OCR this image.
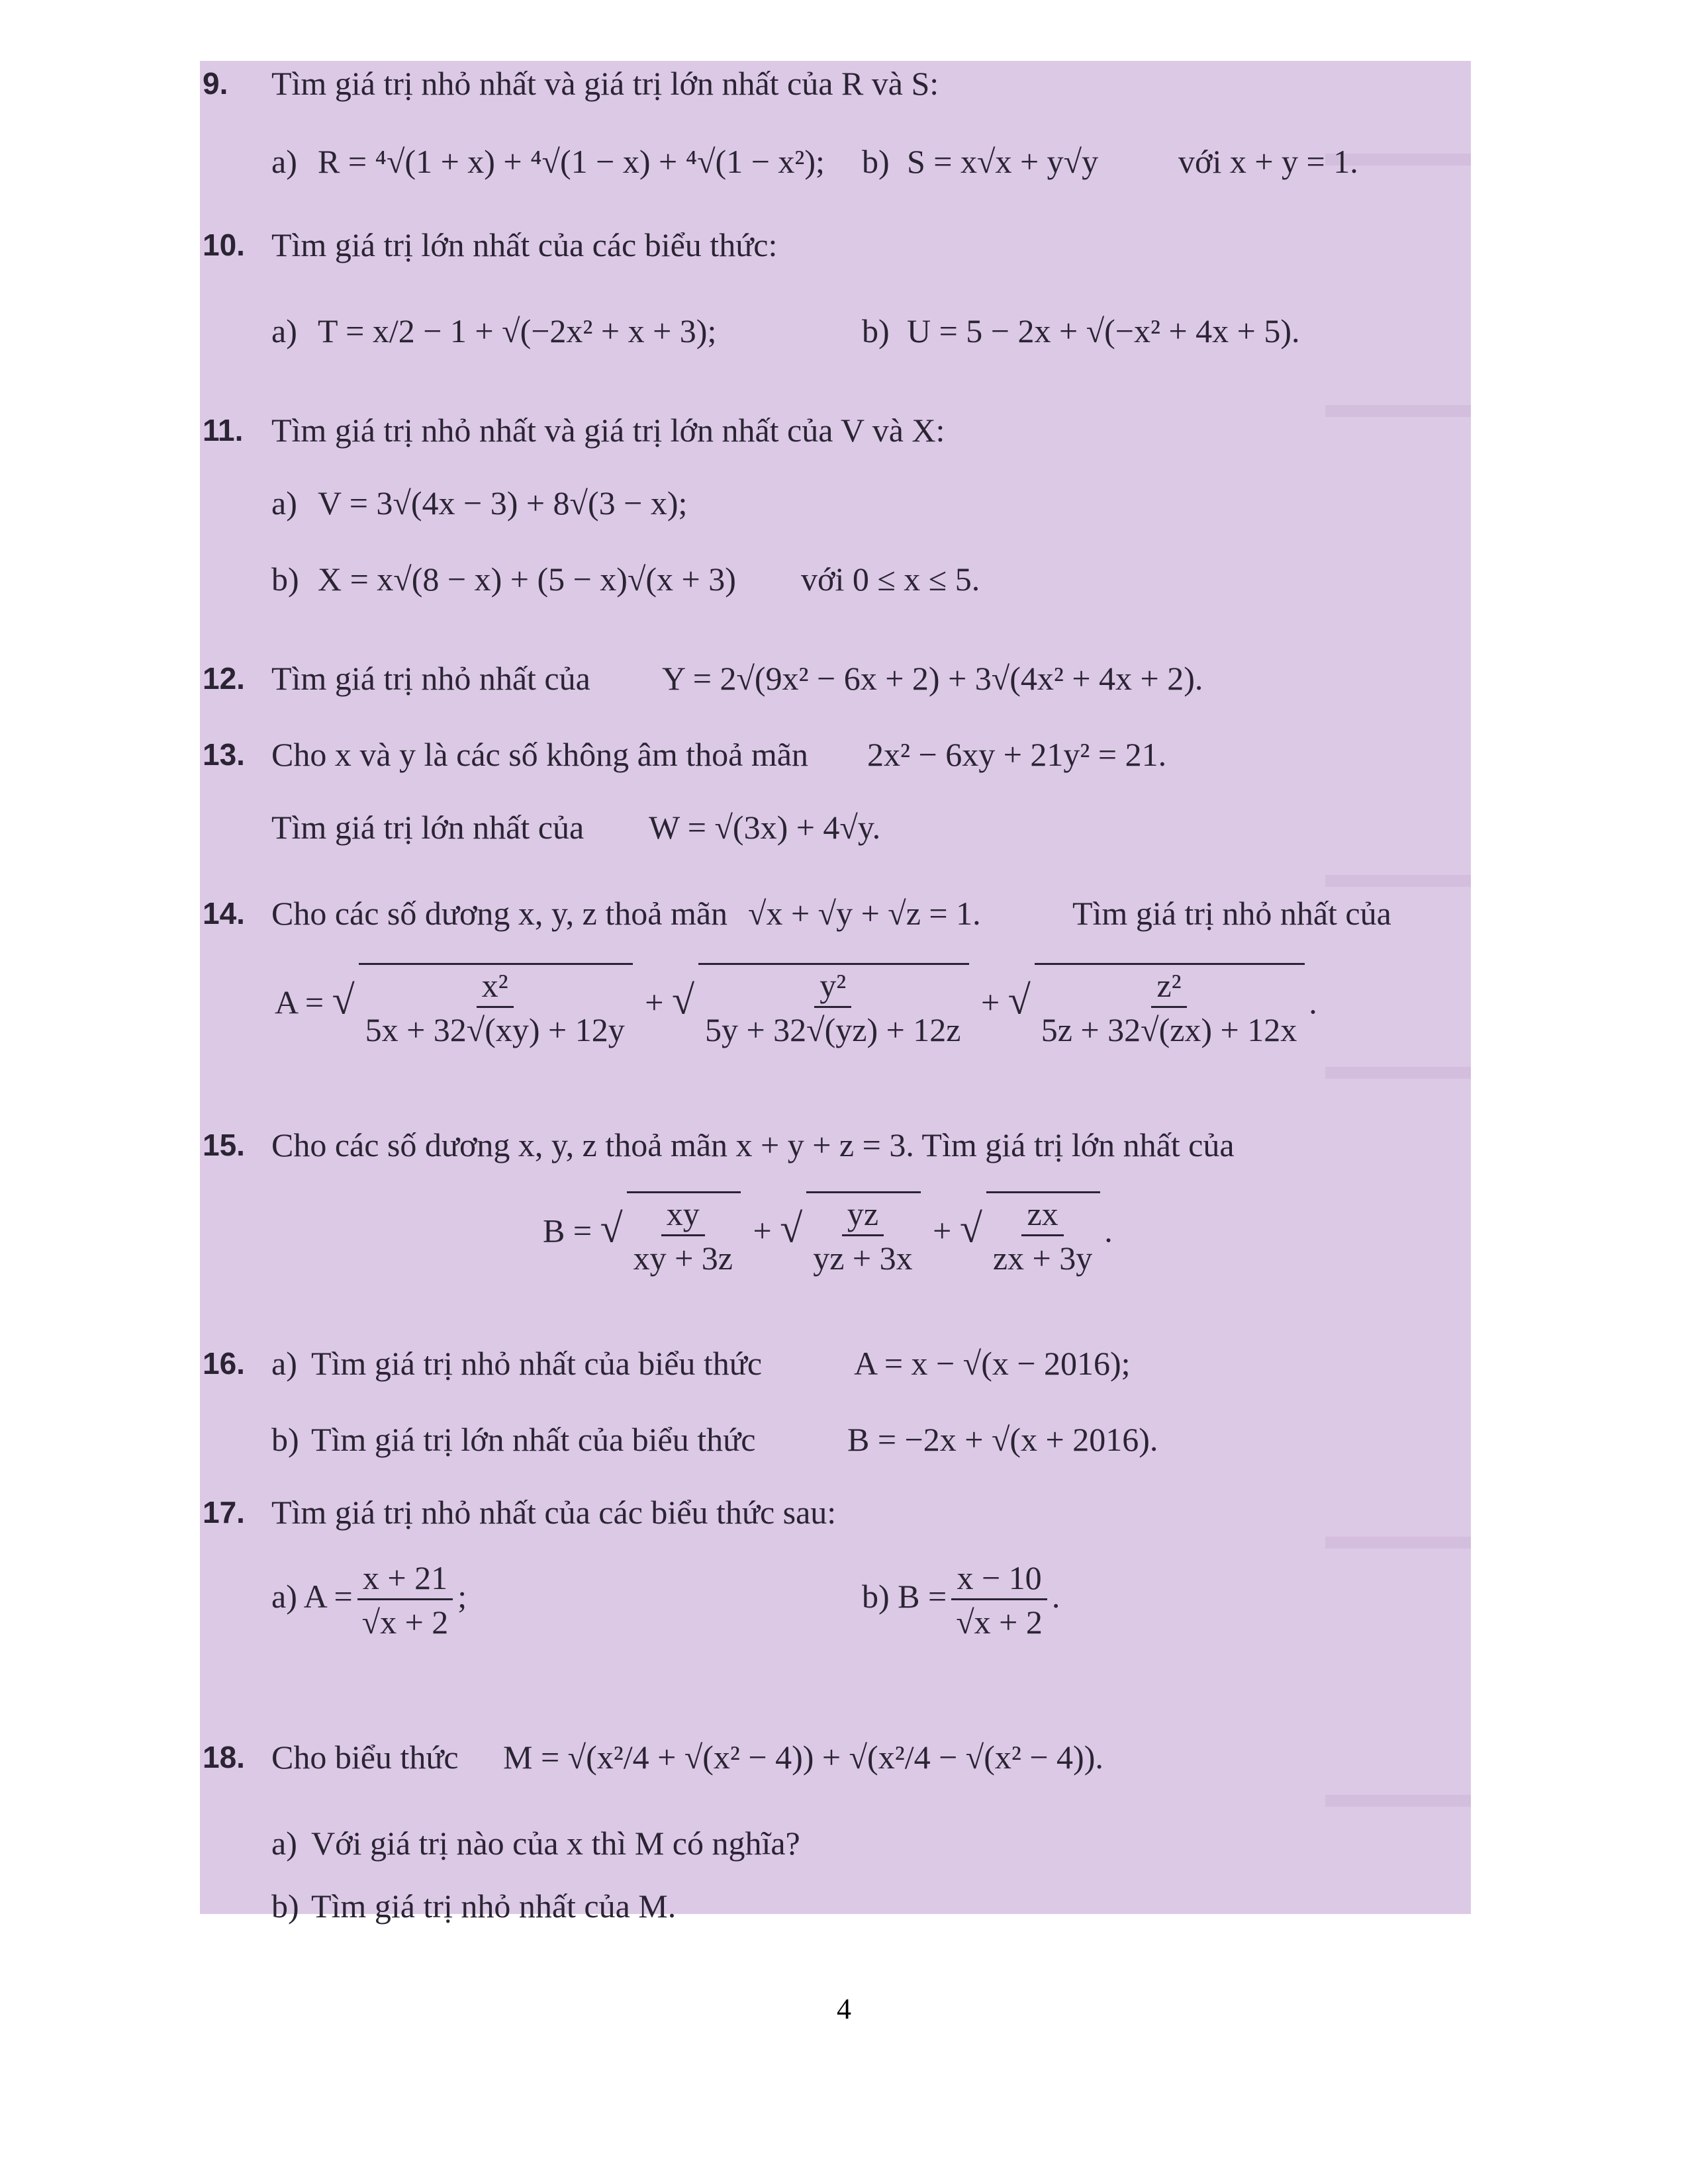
9. Tìm giá trị nhỏ nhất và giá trị lớn nhất của R và S:
a) R = ⁴√(1 + x) + ⁴√(1 − x) + ⁴√(1 − x²); b) S = x√x + y√y với x + y = 1.
10. Tìm giá trị lớn nhất của các biểu thức:
a) T = x/2 − 1 + √(−2x² + x + 3);	b) U = 5 − 2x + √(−x² + 4x + 5).
11. Tìm giá trị nhỏ nhất và giá trị lớn nhất của V và X:
a) V = 3√(4x − 3) + 8√(3 − x);
b) X = x√(8 − x) + (5 − x)√(x + 3) với 0 ≤ x ≤ 5.
12. Tìm giá trị nhỏ nhất của Y = 2√(9x² − 6x + 2) + 3√(4x² + 4x + 2).
13. Cho x và y là các số không âm thoả mãn 2x² − 6xy + 21y² = 21.
Tìm giá trị lớn nhất của W = √(3x) + 4√y.
14. Cho các số dương x, y, z thoả mãn √x + √y + √z = 1.	Tìm giá trị nhỏ nhất của
A = √ $\frac{\text{x²}}{5x + 32√(xy) + 12y}$ + √ $\frac{\text{y²}}{5y + 32√(yz) + 12z}$ + √ $\frac{\text{z²}}{5z + 32√(zx) + 12x}$ .
15. Cho các số dương x, y, z thoả mãn x + y + z = 3. Tìm giá trị lớn nhất của
B = √ $\frac{xy}{xy + 3z}$ + √ $\frac{yz}{yz + 3x}$ + √ $\frac{zx}{zx + 3y}$ .
16. a) Tìm giá trị nhỏ nhất của biểu thức	A = x − √(x − 2016);
b) Tìm giá trị lớn nhất của biểu thức	B = −2x + √(x + 2016).
17. Tìm giá trị nhỏ nhất của các biểu thức sau:
a) $A = \frac{x + 21}{√x + 2}$ ;	b) $B = \frac{x - 10}{√x + 2}$ .
18. Cho biểu thức M = √(x²/4 + √(x² − 4)) + √(x²/4 − √(x² − 4)).
a) Với giá trị nào của x thì M có nghĩa?
b) Tìm giá trị nhỏ nhất của M.
4
